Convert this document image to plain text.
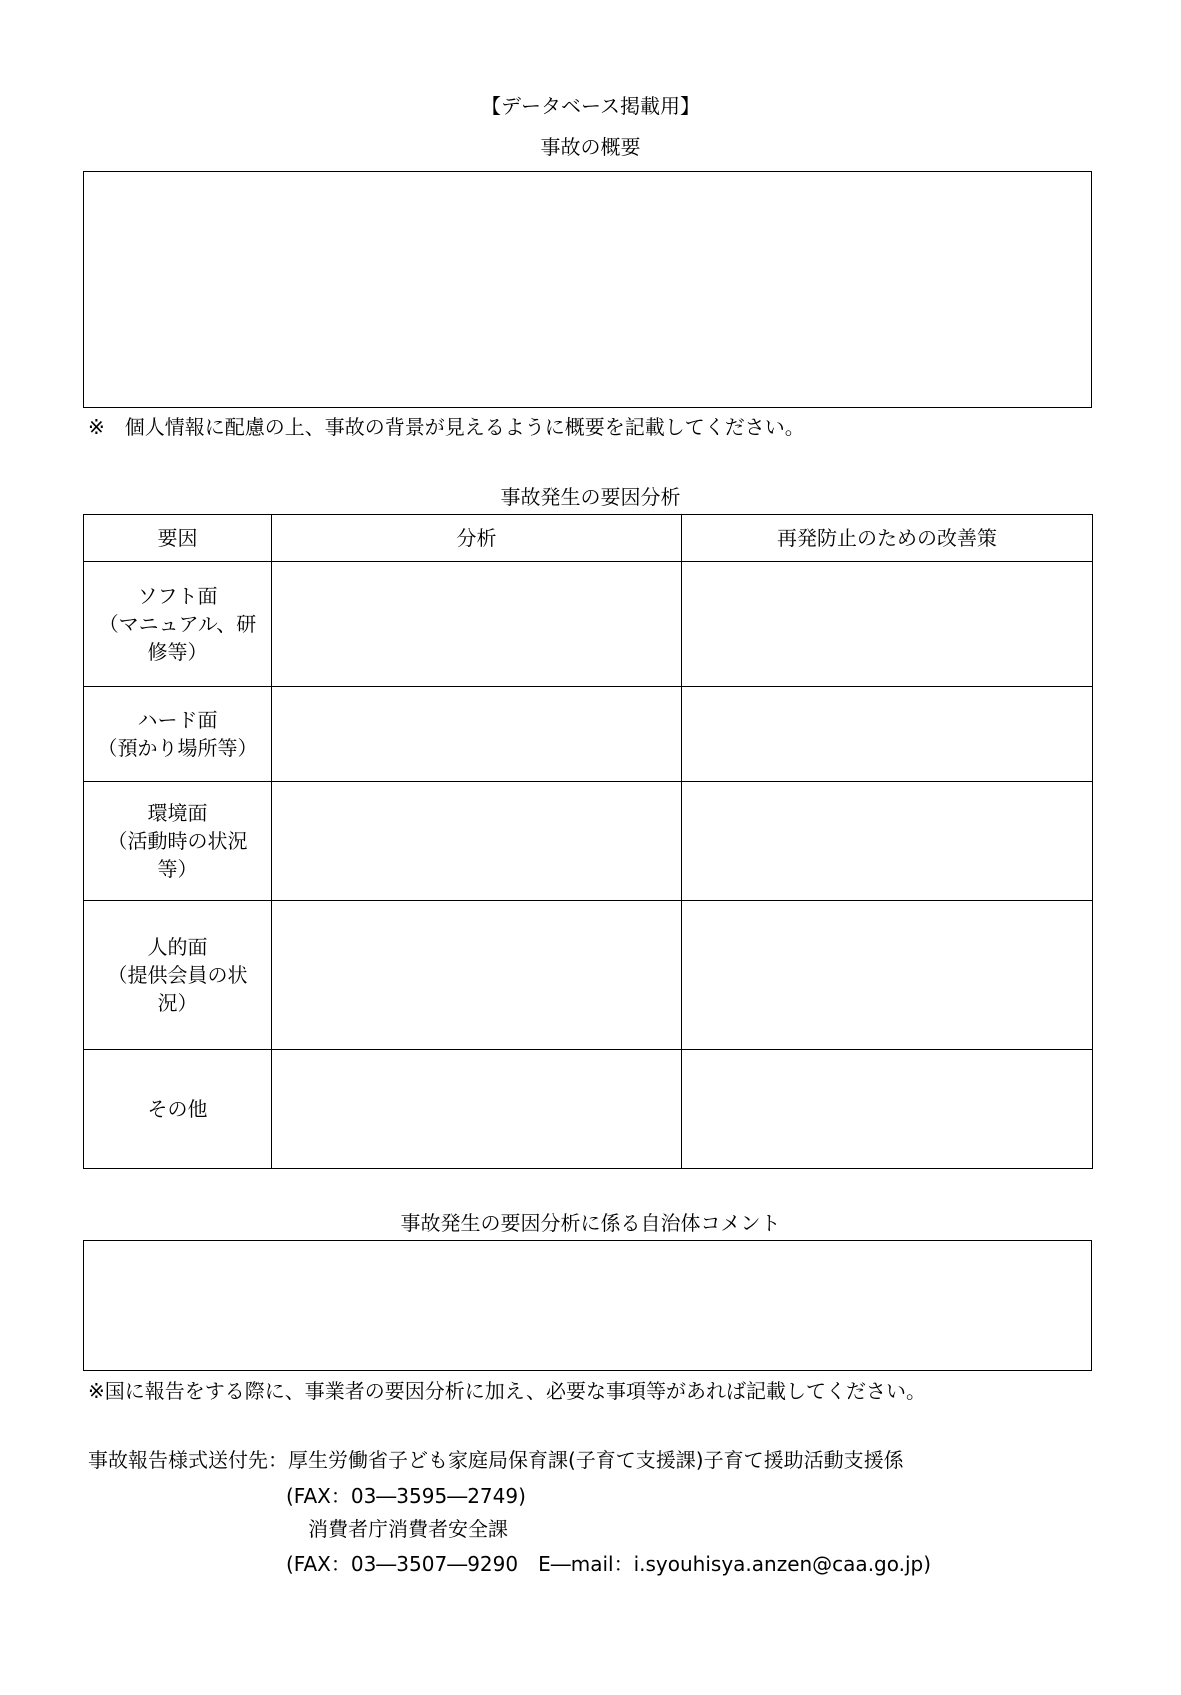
【データベース掲載用】
事故の概要
※　個人情報に配慮の上、事故の背景が見えるように概要を記載してください。
事故発生の要因分析
要因	分析	再発防止のための改善策

ソフト面
（マニュアル、研
修等）		

ハード面
（預かり場所等）		

環境面
（活動時の状況
等）		

人的面
（提供会員の状
況）		

その他		

事故発生の要因分析に係る自治体コメント
※国に報告をする際に、事業者の要因分析に加え、必要な事項等があれば記載してください。
事故報告様式送付先：厚生労働省子ども家庭局保育課(子育て支援課)子育て援助活動支援係
(FAX：03―3595―2749)
消費者庁消費者安全課
(FAX：03―3507―9290　E―mail：i.syouhisya.anzen@caa.go.jp)
